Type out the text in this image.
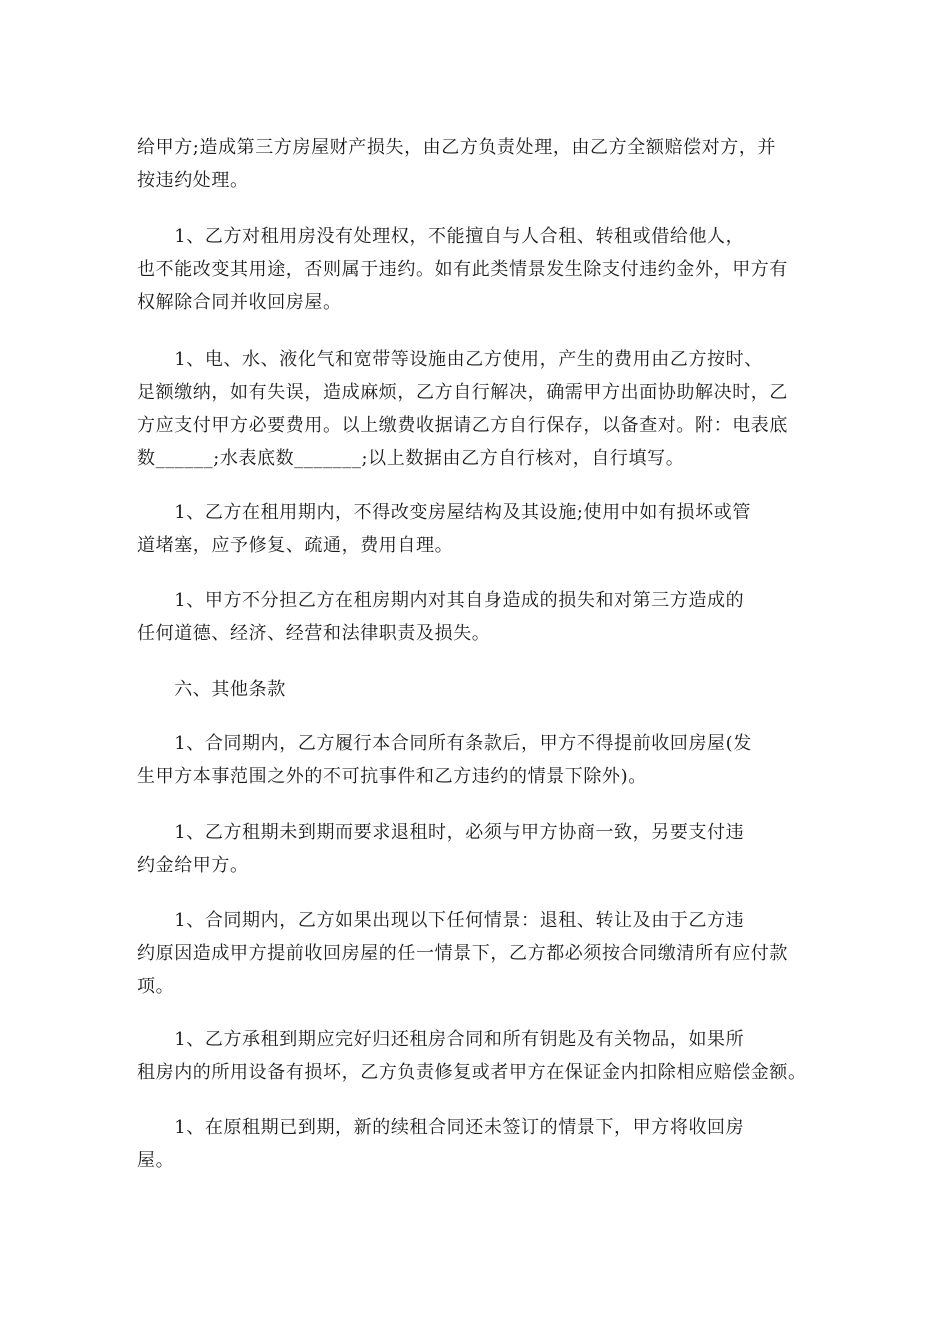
给甲方;造成第三方房屋财产损失，由乙方负责处理，由乙方全额赔偿对方，并
按违约处理。

　　1、乙方对租用房没有处理权，不能擅自与人合租、转租或借给他人，
也不能改变其用途，否则属于违约。如有此类情景发生除支付违约金外，甲方有
权解除合同并收回房屋。

　　1、电、水、液化气和宽带等设施由乙方使用，产生的费用由乙方按时、
足额缴纳，如有失误，造成麻烦，乙方自行解决，确需甲方出面协助解决时，乙
方应支付甲方必要费用。以上缴费收据请乙方自行保存，以备查对。附：电表底
数______;水表底数_______;以上数据由乙方自行核对，自行填写。

　　1、乙方在租用期内，不得改变房屋结构及其设施;使用中如有损坏或管
道堵塞，应予修复、疏通，费用自理。

　　1、甲方不分担乙方在租房期内对其自身造成的损失和对第三方造成的
任何道德、经济、经营和法律职责及损失。

　　六、其他条款

　　1、合同期内，乙方履行本合同所有条款后，甲方不得提前收回房屋(发
生甲方本事范围之外的不可抗事件和乙方违约的情景下除外)。

　　1、乙方租期未到期而要求退租时，必须与甲方协商一致，另要支付违
约金给甲方。

　　1、合同期内，乙方如果出现以下任何情景：退租、转让及由于乙方违
约原因造成甲方提前收回房屋的任一情景下，乙方都必须按合同缴清所有应付款
项。

　　1、乙方承租到期应完好归还租房合同和所有钥匙及有关物品，如果所
租房内的所用设备有损坏，乙方负责修复或者甲方在保证金内扣除相应赔偿金额。

　　1、在原租期已到期，新的续租合同还未签订的情景下，甲方将收回房
屋。
